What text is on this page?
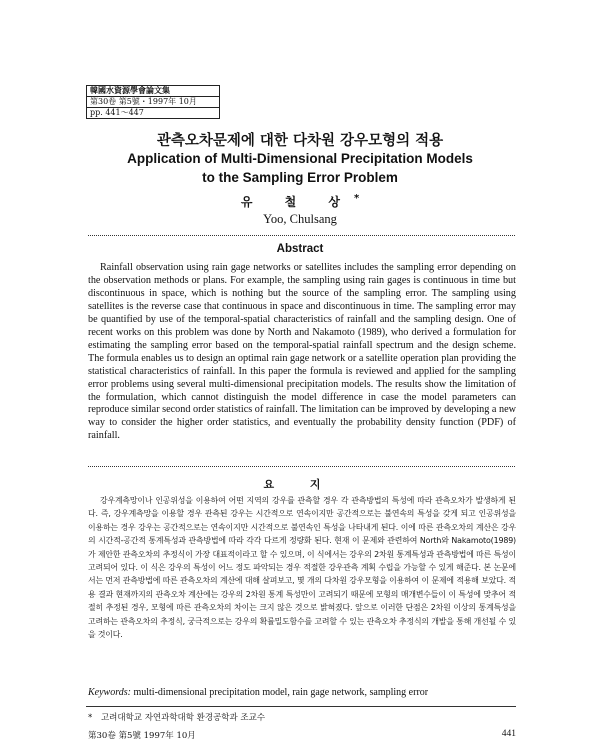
韓國水資源學會論文集
第30卷 第5號・1997年 10月
pp. 441～447
관측오차문제에 대한 다차원 강우모형의 적용
Application of Multi-Dimensional Precipitation Models
to the Sampling Error Problem
유 철 상*
Yoo, Chulsang
Abstract

Rainfall observation using rain gage networks or satellites includes the sampling error depending on the observation methods or plans. For example, the sampling using rain gages is continuous in time but discontinuous in space, which is nothing but the source of the sampling error. The sampling using satellites is the reverse case that continuous in space and discontinuous in time. The sampling error may be quantified by use of the temporal-spatial characteristics of rainfall and the sampling design. One of recent works on this problem was done by North and Nakamoto (1989), who derived a formulation for estimating the sampling error based on the temporal-spatial rainfall spectrum and the design scheme. The formula enables us to design an optimal rain gage network or a satellite operation plan providing the statistical characteristics of rainfall. In this paper the formula is reviewed and applied for the sampling error problems using several multi-dimensional precipitation models. The results show the limitation of the formulation, which cannot distinguish the model difference in case the model parameters can reproduce similar second order statistics of rainfall. The limitation can be improved by developing a new way to consider the higher order statistics, and eventually the probability density function (PDF) of rainfall.

요 지

강우계측망이나 인공위성을 이용하여 어떤 지역의 강우를 관측할 경우 각 관측방법의 특성에 따라 관측오차가 발생하게 된다. 즉, 강우계측망을 이용할 경우 관측된 강우는 시간적으로 연속이지만 공간적으로는 불연속의 특성을 갖게 되고 인공위성을 이용하는 경우 강우는 공간적으로는 연속이지만 시간적으로 불연속인 특성을 나타내게 된다. 이에 따른 관측오차의 계산은 강우의 시간적-공간적 통계특성과 관측방법에 따라 각각 다르게 정량화 된다. 현재 이 문제와 관련하여 North와 Nakamoto(1989)가 제안한 관측오차의 추정식이 가장 대표적이라고 할 수 있으며, 이 식에서는 강우의 2차원 통계특성과 관측방법에 따른 특성이 고려되어 있다. 이 식은 강우의 특성이 어느 정도 파악되는 경우 적절한 강우관측 계획 수립을 가능할 수 있게 해준다. 본 논문에서는 먼저 관측방법에 따른 관측오차의 계산에 대해 살펴보고, 몇 개의 다차원 강우모형을 이용하여 이 문제에 적용해 보았다. 적용 결과 현재까지의 관측오차 계산에는 강우의 2차원 통계 특성만이 고려되기 때문에 모형의 매개변수들이 이 특성에 맞추어 적절히 추정된 경우, 모형에 따른 관측오차의 차이는 크지 않은 것으로 밝혀졌다. 앞으로 이러한 단점은 2차원 이상의 통계특성을 고려하는 관측오차의 추정식, 궁극적으로는 강우의 확률밀도함수를 고려할 수 있는 관측오차 추정식의 개발을 통해 개선될 수 있을 것이다.

Keywords: multi-dimensional precipitation model, rain gage network, sampling error
* 고려대학교 자연과학대학 환경공학과 조교수
第30卷 第5號 1997年 10月	441
